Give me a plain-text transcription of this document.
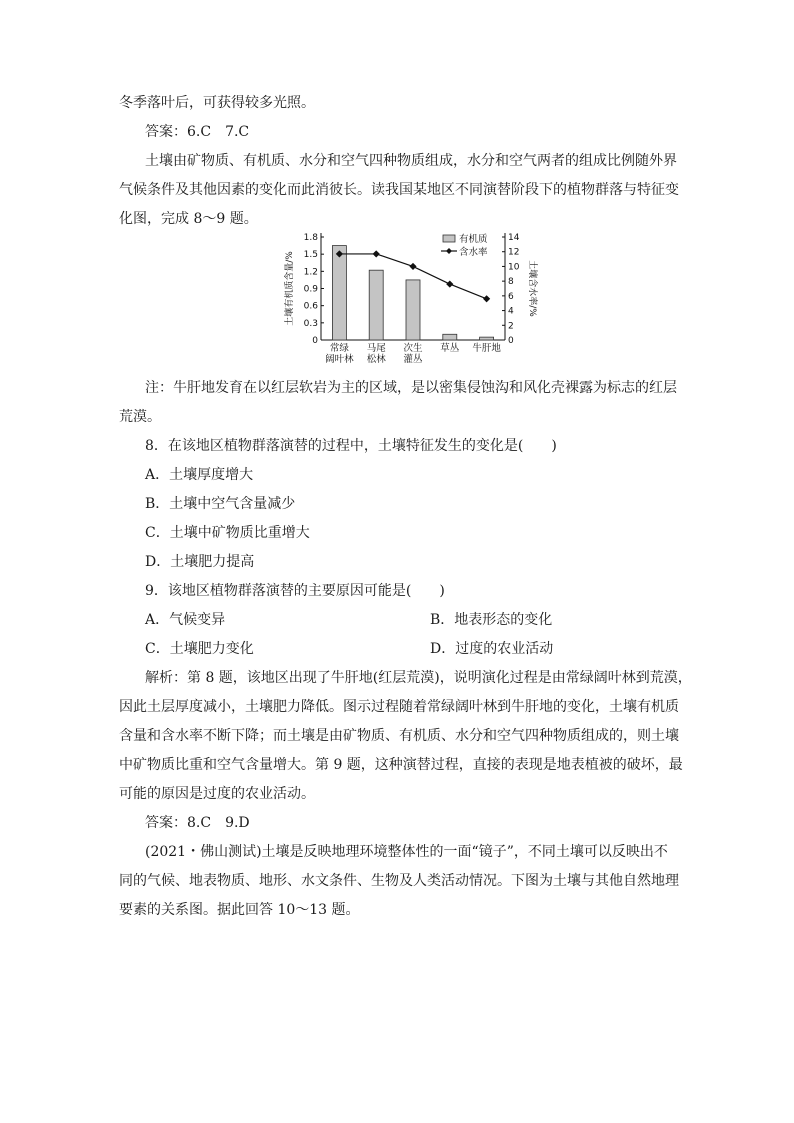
冬季落叶后，可获得较多光照。
答案：6.C　7.C
土壤由矿物质、有机质、水分和空气四种物质组成，水分和空气两者的组成比例随外界
气候条件及其他因素的变化而此消彼长。读我国某地区不同演替阶段下的植物群落与特征变
化图，完成 8～9 题。
0
0.3
0.6
0.9
1.2
1.5
1.8
0
2
4
6
8
10
12
14
土壤有机质含量/%	土壤含水率/%
常绿
阔叶林
马尾
松林
次生
灌丛
草丛 牛肝地
有机质
含水率
注：牛肝地发育在以红层软岩为主的区域，是以密集侵蚀沟和风化壳裸露为标志的红层
荒漠。
8．在该地区植物群落演替的过程中，土壤特征发生的变化是(　　)
A．土壤厚度增大
B．土壤中空气含量减少
C．土壤中矿物质比重增大
D．土壤肥力提高
9．该地区植物群落演替的主要原因可能是(　　)
A．气候变异	B．地表形态的变化
C．土壤肥力变化	D．过度的农业活动
解析：第 8 题，该地区出现了牛肝地(红层荒漠)，说明演化过程是由常绿阔叶林到荒漠，
因此土层厚度减小，土壤肥力降低。图示过程随着常绿阔叶林到牛肝地的变化，土壤有机质
含量和含水率不断下降；而土壤是由矿物质、有机质、水分和空气四种物质组成的，则土壤
中矿物质比重和空气含量增大。第 9 题，这种演替过程，直接的表现是地表植被的破坏，最
可能的原因是过度的农业活动。
答案：8.C　9.D
(2021・佛山测试)土壤是反映地理环境整体性的一面“镜子”，不同土壤可以反映出不
同的气候、地表物质、地形、水文条件、生物及人类活动情况。下图为土壤与其他自然地理
要素的关系图。据此回答 10～13 题。
